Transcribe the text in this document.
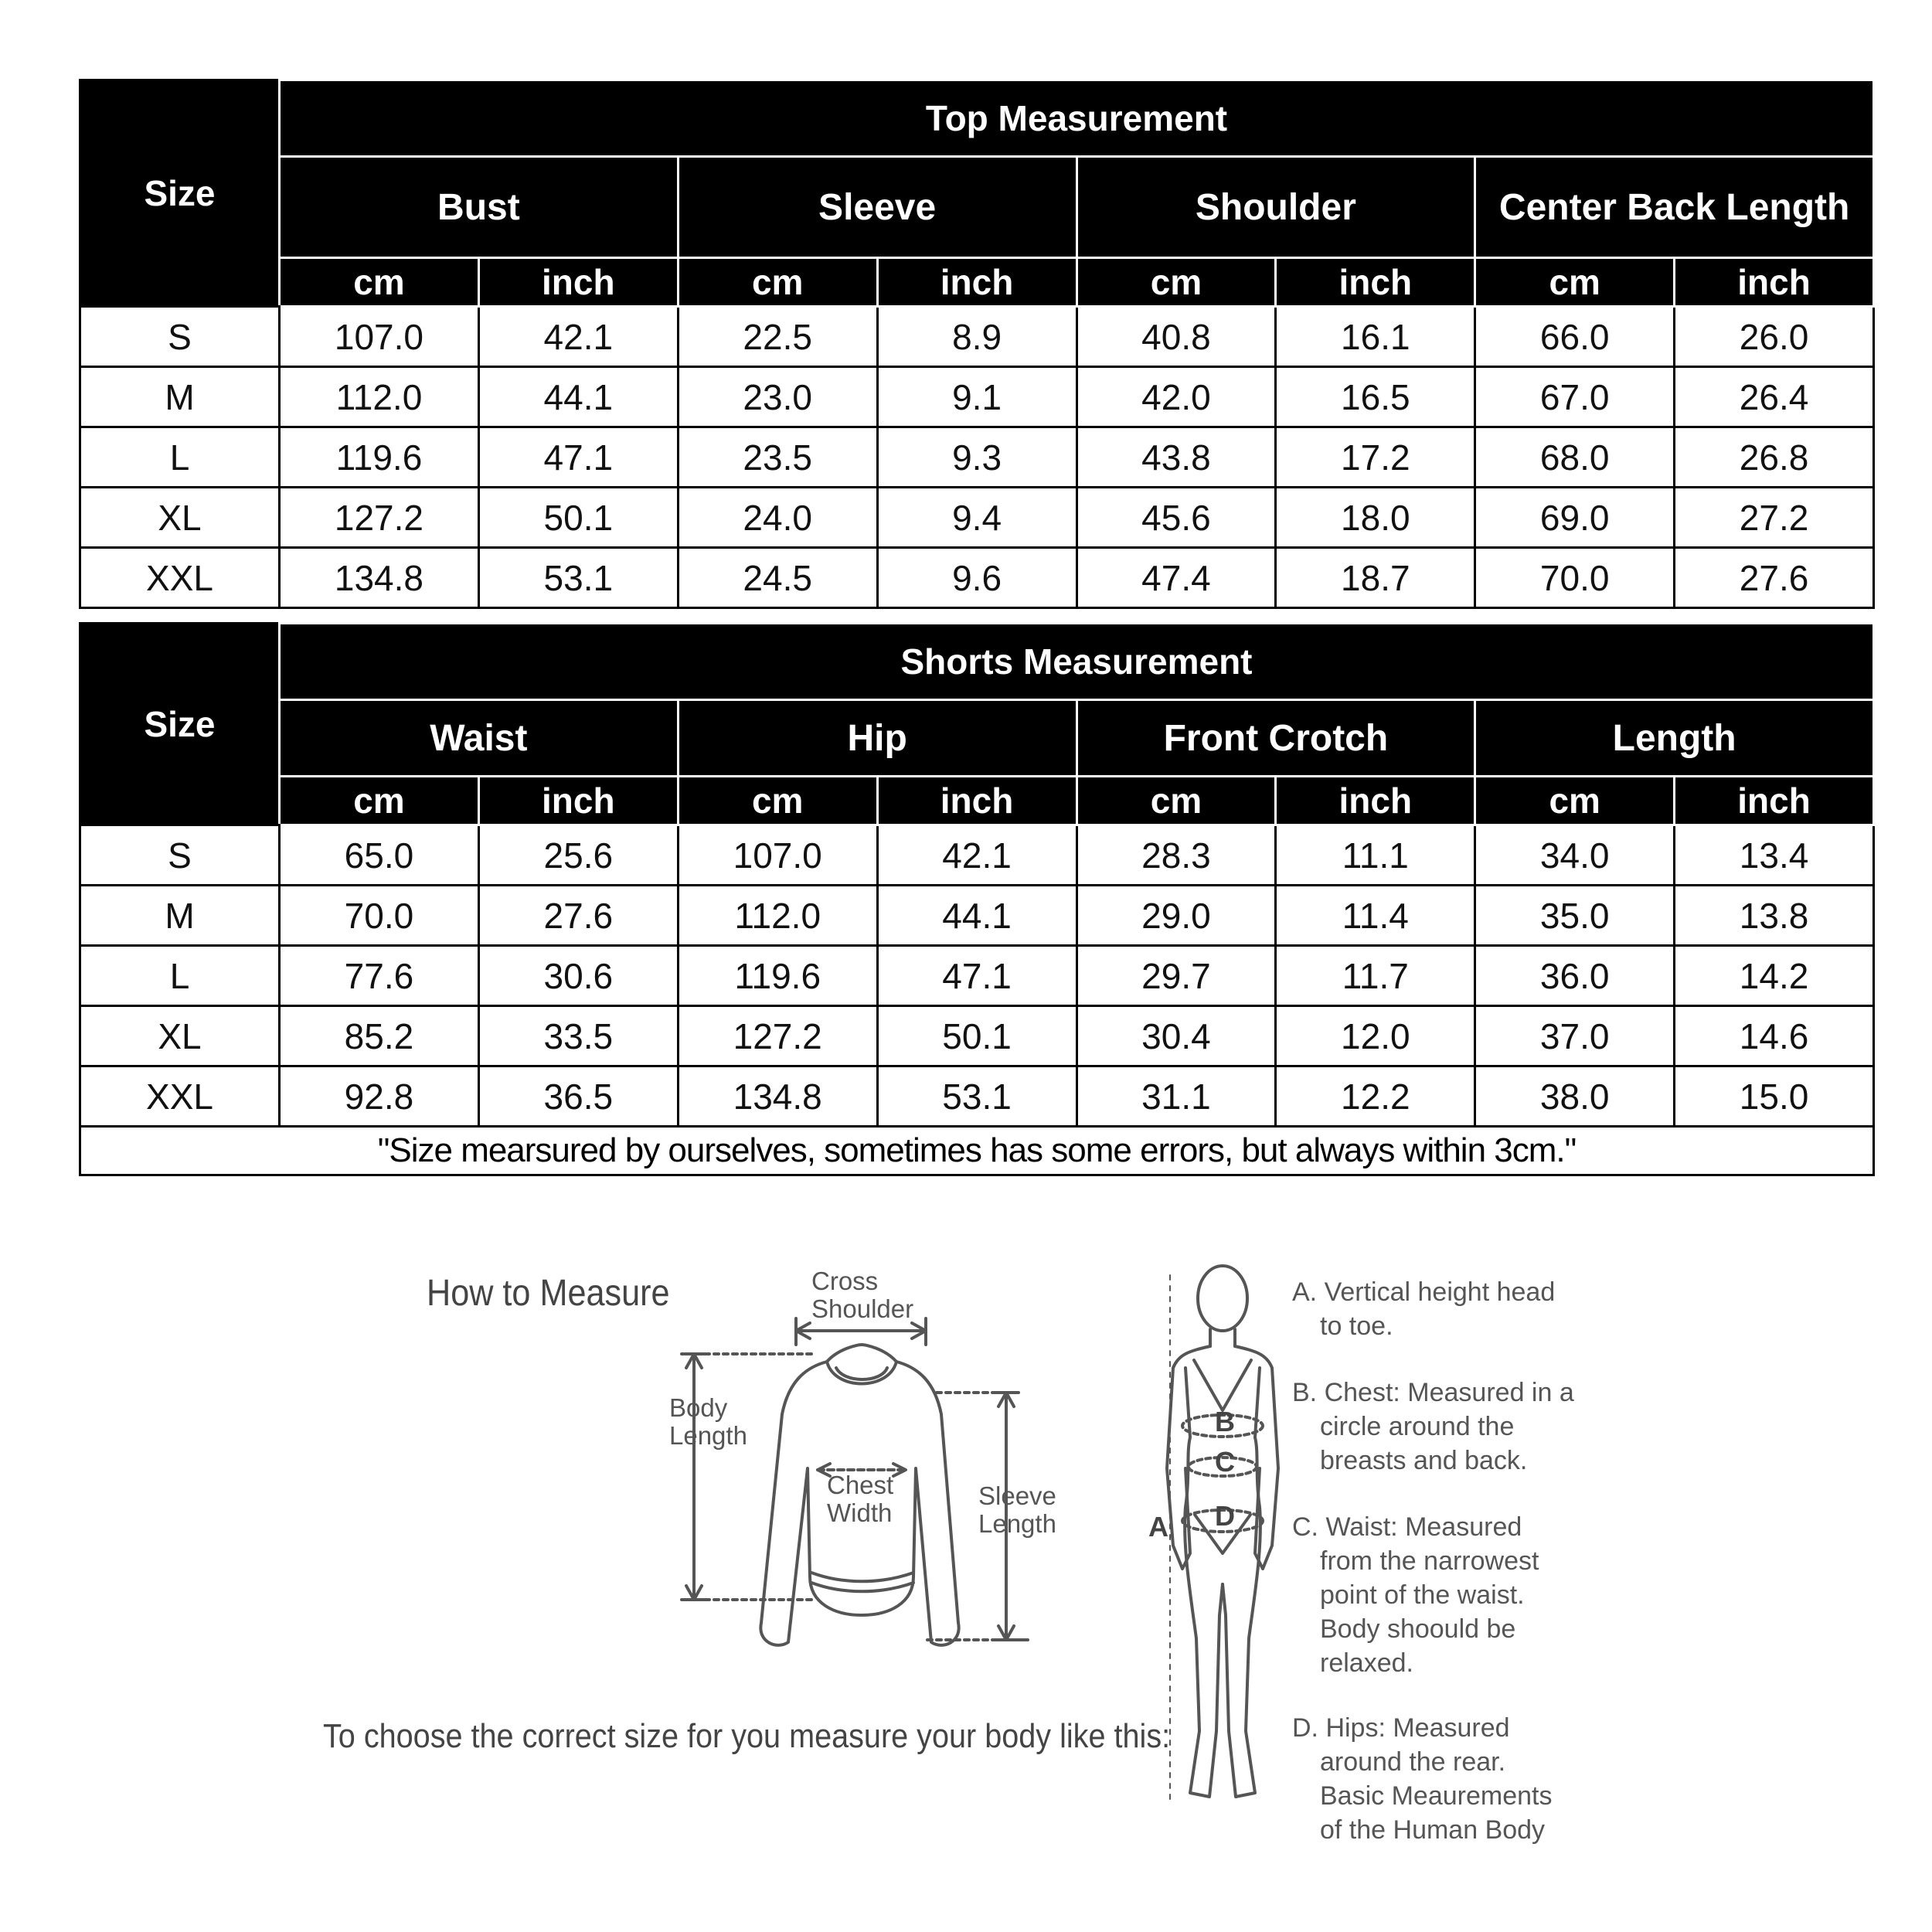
Size	Top Measurement							
	Bust		Sleeve		Shoulder		Center Back Length	
	cm	inch	cm	inch	cm	inch	cm	inch
S	107.0	42.1	22.5	8.9	40.8	16.1	66.0	26.0
M	112.0	44.1	23.0	9.1	42.0	16.5	67.0	26.4
L	119.6	47.1	23.5	9.3	43.8	17.2	68.0	26.8
XL	127.2	50.1	24.0	9.4	45.6	18.0	69.0	27.2
XXL	134.8	53.1	24.5	9.6	47.4	18.7	70.0	27.6
Size	Shorts Measurement							
	Waist		Hip		Front Crotch		Length	
	cm	inch	cm	inch	cm	inch	cm	inch
S	65.0	25.6	107.0	42.1	28.3	11.1	34.0	13.4
M	70.0	27.6	112.0	44.1	29.0	11.4	35.0	13.8
L	77.6	30.6	119.6	47.1	29.7	11.7	36.0	14.2
XL	85.2	33.5	127.2	50.1	30.4	12.0	37.0	14.6
XXL	92.8	36.5	134.8	53.1	31.1	12.2	38.0	15.0
"Size mearsured by ourselves, sometimes has some errors, but always within 3cm."								
How to Measure
To choose the correct size for you measure your body like this:
Cross
Shoulder
Body
Length
Chest
Width
Sleeve
Length
B
C
D
A
A. Vertical height head
to toe.
B. Chest: Measured in a
circle around the
breasts and back.
C. Waist: Measured
from the narrowest
point of the waist.
Body shoould be
relaxed.
D. Hips: Measured
around the rear.
Basic Meaurements
of the Human Body
